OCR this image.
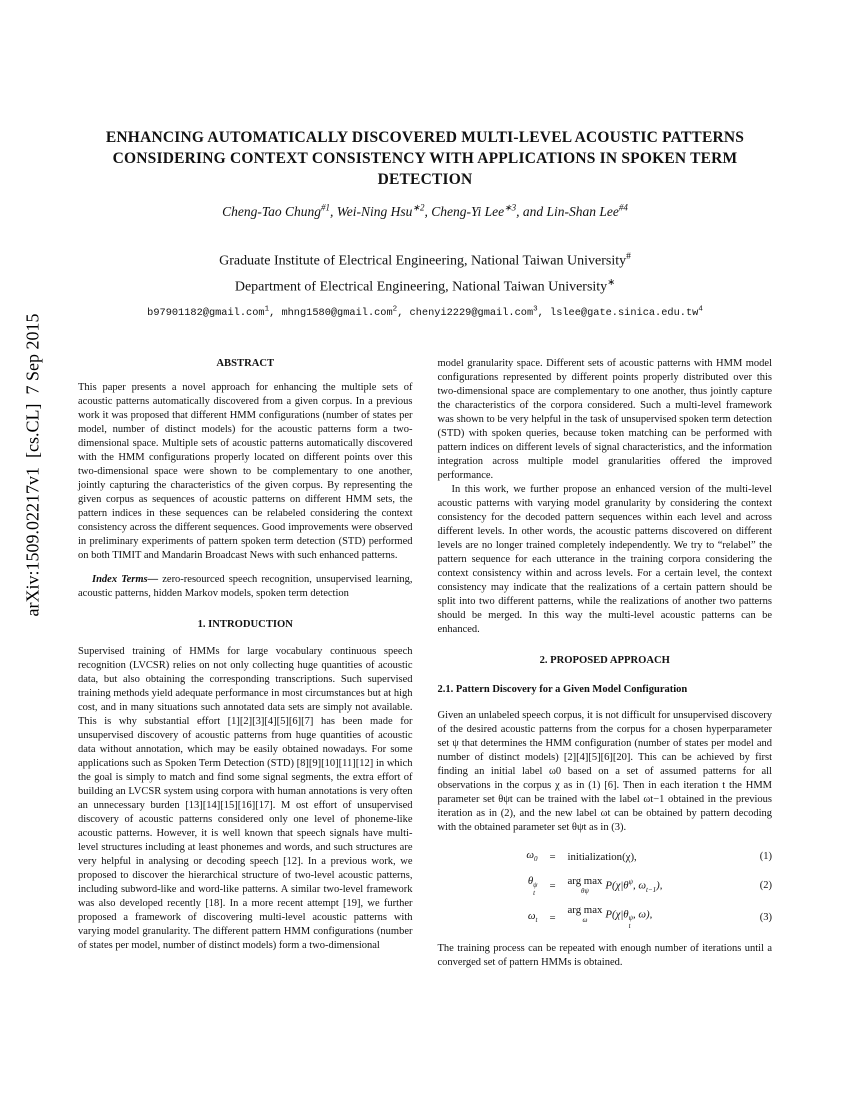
arXiv:1509.02217v1  [cs.CL]  7 Sep 2015
ENHANCING AUTOMATICALLY DISCOVERED MULTI-LEVEL ACOUSTIC PATTERNS CONSIDERING CONTEXT CONSISTENCY WITH APPLICATIONS IN SPOKEN TERM DETECTION
Cheng-Tao Chung$^{\#1}$, Wei-Ning Hsu$^{∗2}$, Cheng-Yi Lee$^{∗3}$, and Lin-Shan Lee$^{\#4}$
Graduate Institute of Electrical Engineering, National Taiwan University#
Department of Electrical Engineering, National Taiwan University∗
b97901182@gmail.com$^1$, mhng1580@gmail.com$^2$, chenyi2229@gmail.com$^3$, $lslee@gate.sinica.edu.tw^4$
ABSTRACT

This paper presents a novel approach for enhancing the multiple sets of acoustic patterns automatically discovered from a given corpus. In a previous work it was proposed that different HMM configurations (number of states per model, number of distinct models) for the acoustic patterns form a two-dimensional space. Multiple sets of acoustic patterns automatically discovered with the HMM configurations properly located on different points over this two-dimensional space were shown to be complementary to one another, jointly capturing the characteristics of the given corpus. By representing the given corpus as sequences of acoustic patterns on different HMM sets, the pattern indices in these sequences can be relabeled considering the context consistency across the different sequences. Good improvements were observed in preliminary experiments of pattern spoken term detection (STD) performed on both TIMIT and Mandarin Broadcast News with such enhanced patterns.

Index Terms— zero-resourced speech recognition, unsupervised learning, acoustic patterns, hidden Markov models, spoken term detection

1. INTRODUCTION

Supervised training of HMMs for large vocabulary continuous speech recognition (LVCSR) relies on not only collecting huge quantities of acoustic data, but also obtaining the corresponding transcriptions. Such supervised training methods yield adequate performance in most circumstances but at high cost, and in many situations such annotated data sets are simply not available. This is why substantial effort [1][2][3][4][5][6][7] has been made for unsupervised discovery of acoustic patterns from huge quantities of acoustic data without annotation, which may be easily obtained nowadays. For some applications such as Spoken Term Detection (STD) [8][9][10][11][12] in which the goal is simply to match and find some signal segments, the extra effort of building an LVCSR system using corpora with human annotations is very often an unnecessary burden [13][14][15][16][17]. M ost effort of unsupervised discovery of acoustic patterns considered only one level of phoneme-like acoustic patterns. However, it is well known that speech signals have multi-level structures including at least phonemes and words, and such structures are very helpful in analysing or decoding speech [12]. In a previous work, we proposed to discover the hierarchical structure of two-level acoustic patterns, including subword-like and word-like patterns. A similar two-level framework was also developed recently [18]. In a more recent attempt [19], we further proposed a framework of discovering multi-level acoustic patterns with varying model granularity. The different pattern HMM configurations (number of states per model, number of distinct models) form a two-dimensional

model granularity space. Different sets of acoustic patterns with HMM model configurations represented by different points properly distributed over this two-dimensional space are complementary to one another, thus jointly capture the characteristics of the corpora considered. Such a multi-level framework was shown to be very helpful in the task of unsupervised spoken term detection (STD) with spoken queries, because token matching can be performed with pattern indices on different levels of signal characteristics, and the information integration across multiple model granularities offered the improved performance.

In this work, we further propose an enhanced version of the multi-level acoustic patterns with varying model granularity by considering the context consistency for the decoded pattern sequences within each level and across different levels. In other words, the acoustic patterns discovered on different levels are no longer trained completely independently. We try to “relabel” the pattern sequence for each utterance in the training corpora considering the context consistency within and across levels. For a certain level, the context consistency may indicate that the realizations of a certain pattern should be split into two different patterns, while the realizations of another two patterns should be merged. In this way the multi-level acoustic patterns can be enhanced.

2. PROPOSED APPROACH
2.1. Pattern Discovery for a Given Model Configuration

Given an unlabeled speech corpus, it is not difficult for unsupervised discovery of the desired acoustic patterns from the corpus for a chosen hyperparameter set ψ that determines the HMM configuration (number of states per model and number of distinct models) [2][4][5][6][20]. This can be achieved by first finding an initial label ω0 based on a set of assumed patterns for all observations in the corpus χ as in (1) [6]. Then in each iteration t the HMM parameter set θψt can be trained with the label ωt−1 obtained in the previous iteration as in (2), and the new label ωt can be obtained by pattern decoding with the obtained parameter set θψt as in (3).

$\omega_0$	=	initialization(χ),	(1)
θ ψ
t
=	arg max
θψ
$P(\chi|\theta^\psi$, $\omega_{t-1}$),	(2)
$\omega_t$	=
arg max
ω
P(χ|θ ψ
t
, ω),	(3)

The training process can be repeated with enough number of iterations until a converged set of pattern HMMs is obtained.
